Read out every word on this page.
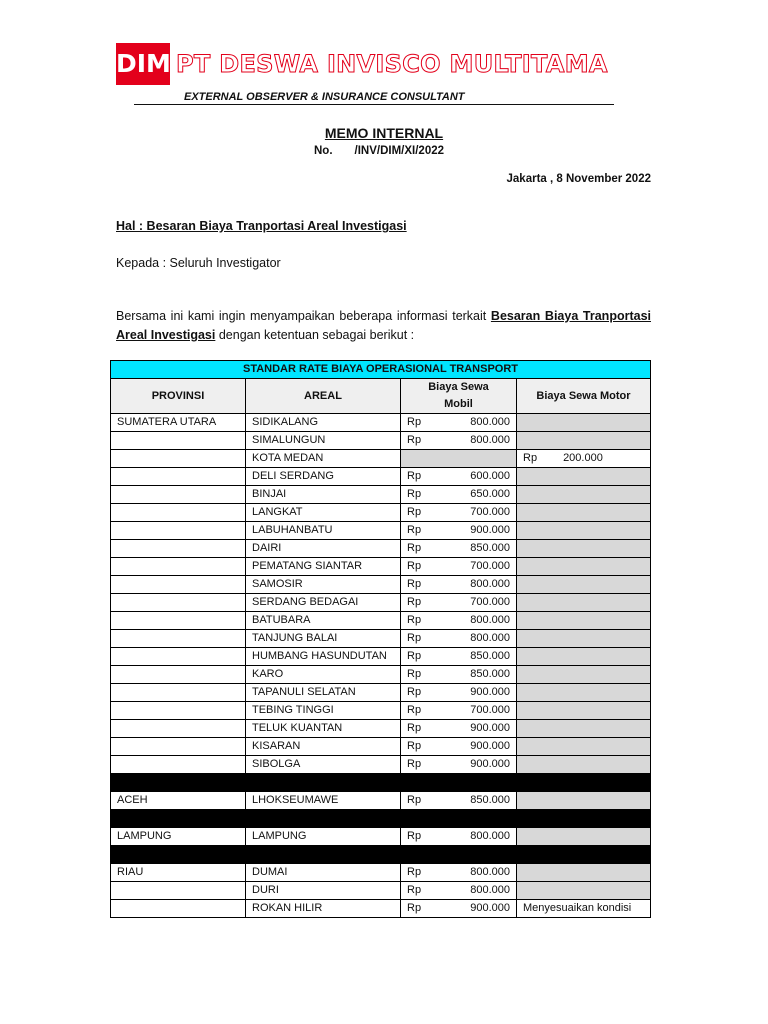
DIM PT DESWA INVISCO MULTITAMA
EXTERNAL OBSERVER & INSURANCE CONSULTANT
MEMO INTERNAL
No. /INV/DIM/XI/2022
Jakarta , 8 November 2022
Hal : Besaran Biaya Tranportasi Areal Investigasi
Kepada : Seluruh Investigator
Bersama ini kami ingin menyampaikan beberapa informasi terkait Besaran Biaya Tranportasi Areal Investigasi dengan ketentuan sebagai berikut :
STANDAR RATE BIAYA OPERASIONAL TRANSPORT			
PROVINSI	AREAL	Biaya Sewa Mobil	Biaya Sewa Motor
SUMATERA UTARA	SIDIKALANG	Rp 800.000	

	SIMALUNGUN	Rp 800.000	

	KOTA MEDAN		Rp 200.000
	DELI SERDANG	Rp 600.000	

	BINJAI	Rp 650.000	

	LANGKAT	Rp 700.000	

	LABUHANBATU	Rp 900.000	

	DAIRI	Rp 850.000	

	PEMATANG SIANTAR	Rp 700.000	

	SAMOSIR	Rp 800.000	

	SERDANG BEDAGAI	Rp 700.000	

	BATUBARA	Rp 800.000	

	TANJUNG BALAI	Rp 800.000	

	HUMBANG HASUNDUTAN	Rp 850.000	

	KARO	Rp 850.000	

	TAPANULI SELATAN	Rp 900.000	

	TEBING TINGGI	Rp 700.000	

	TELUK KUANTAN	Rp 900.000	

	KISARAN	Rp 900.000	

	SIBOLGA	Rp 900.000	

ACEH	LHOKSEUMAWE	Rp 850.000	

LAMPUNG	LAMPUNG	Rp 800.000	

RIAU	DUMAI	Rp 800.000	

	DURI	Rp 800.000	

	ROKAN HILIR	Rp 900.000	Menyesuaikan kondisi
